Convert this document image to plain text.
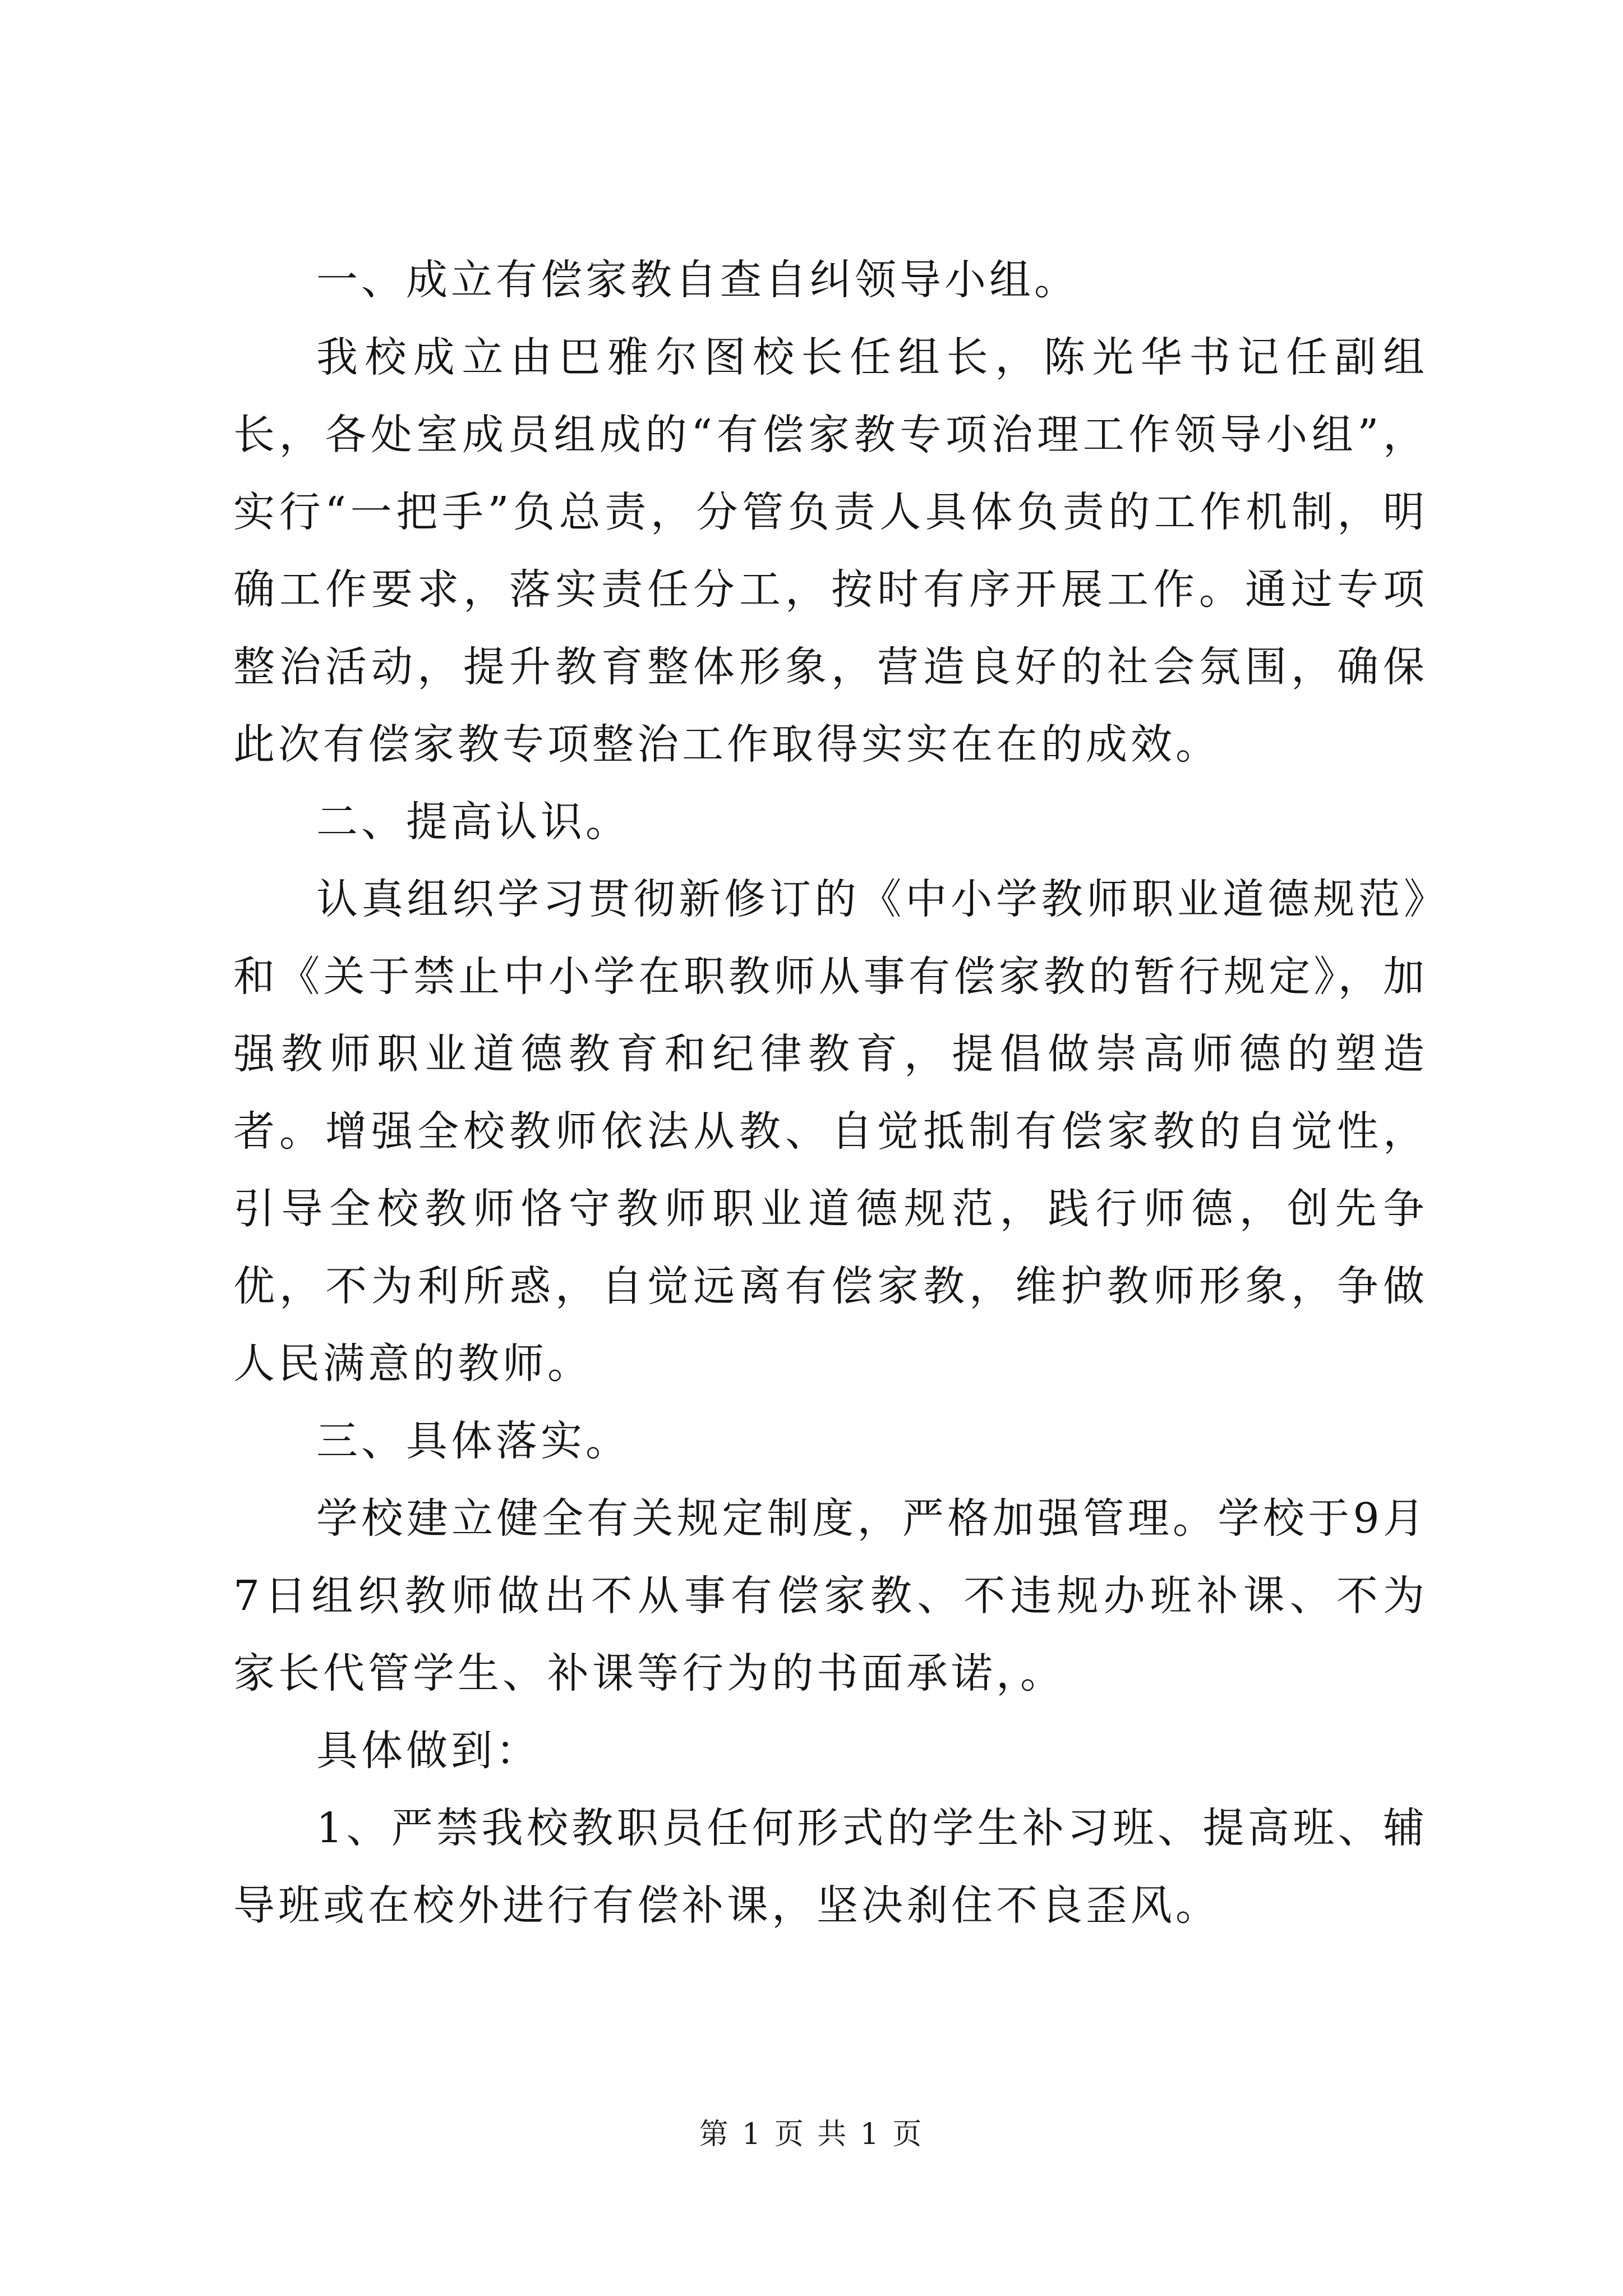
一、成立有偿家教自查自纠领导小组。

我校成立由巴雅尔图校长任组长，陈光华书记任副组长，各处室成员组成的“有偿家教专项治理工作领导小组”，实行“一把手”负总责，分管负责人具体负责的工作机制，明确工作要求，落实责任分工，按时有序开展工作。通过专项整治活动，提升教育整体形象，营造良好的社会氛围，确保此次有偿家教专项整治工作取得实实在在的成效。

二、提高认识。

认真组织学习贯彻新修订的《中小学教师职业道德规范》和《关于禁止中小学在职教师从事有偿家教的暂行规定》，加强教师职业道德教育和纪律教育，提倡做崇高师德的塑造者。增强全校教师依法从教、自觉抵制有偿家教的自觉性，引导全校教师恪守教师职业道德规范，践行师德，创先争优，不为利所惑，自觉远离有偿家教，维护教师形象，争做人民满意的教师。

三、具体落实。

学校建立健全有关规定制度，严格加强管理。学校于9月7日组织教师做出不从事有偿家教、不违规办班补课、不为家长代管学生、补课等行为的书面承诺，。

具体做到：

1、严禁我校教职员任何形式的学生补习班、提高班、辅导班或在校外进行有偿补课，坚决刹住不良歪风。

第 1 页 共 1 页
